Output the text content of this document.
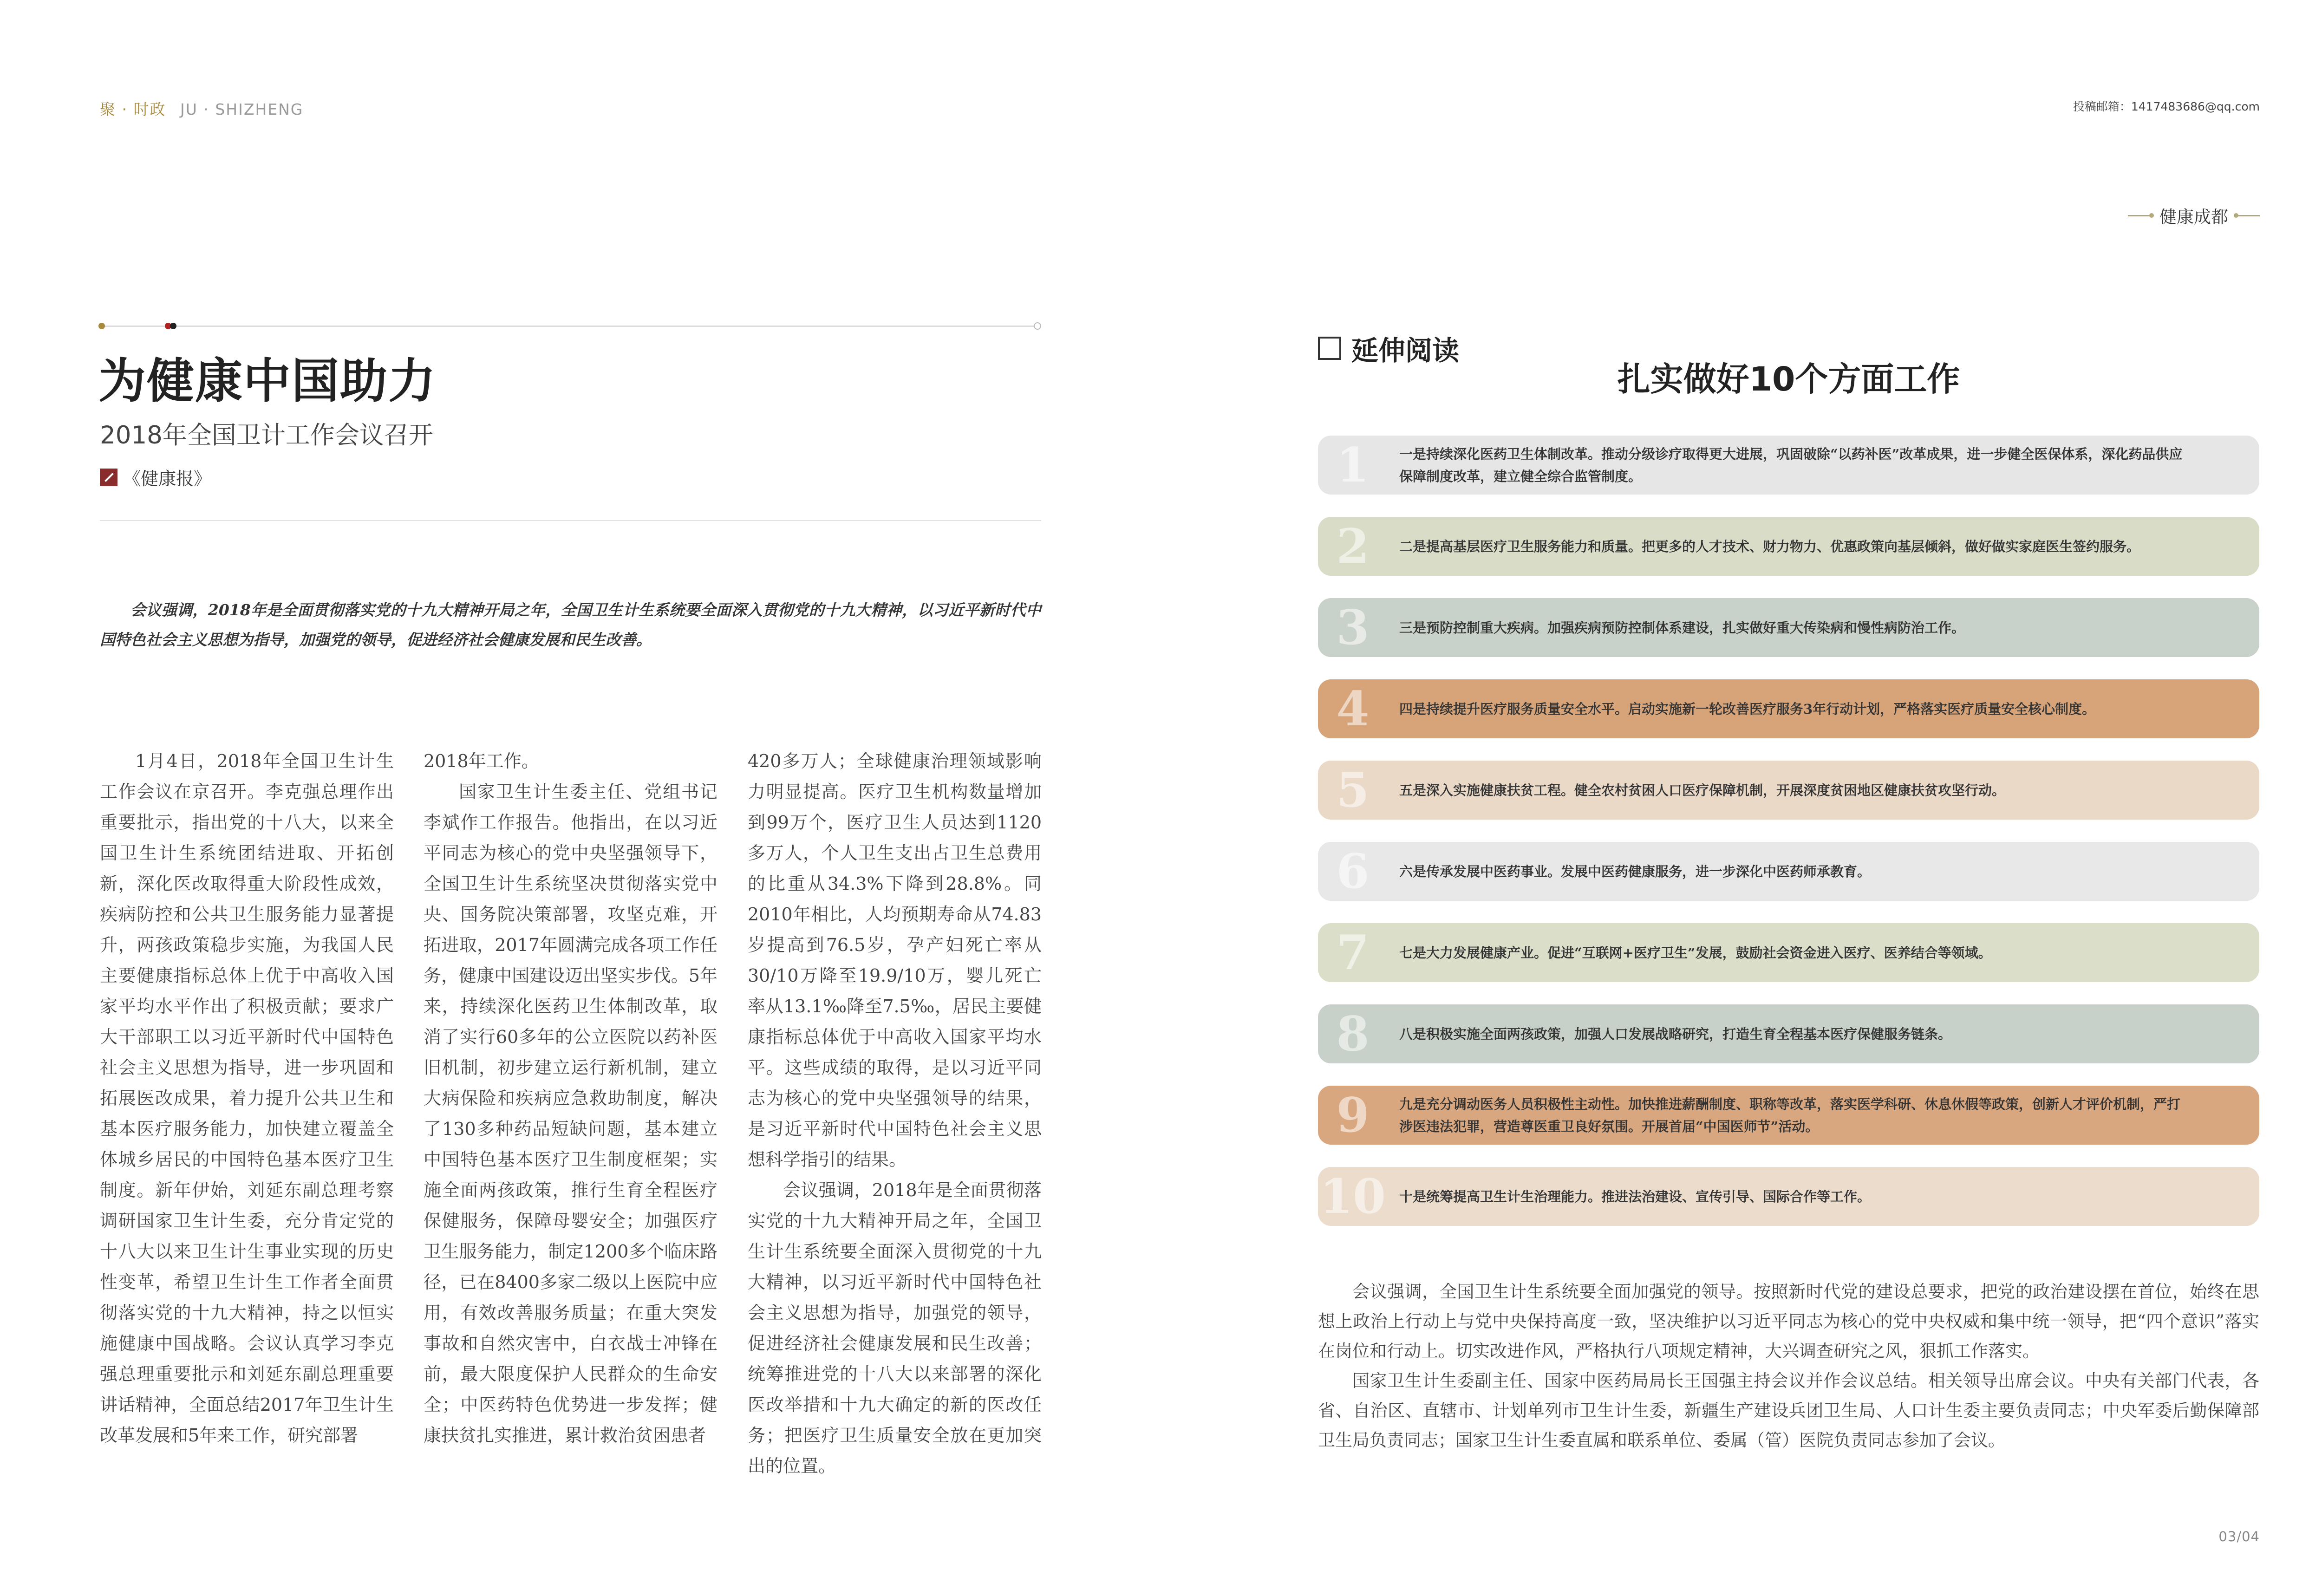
聚 · 时政 JU · SHIZHENG	投稿邮箱：1417483686@qq.com
健康成都
为健康中国助力
2018年全国卫计工作会议召开
《健康报》

会议强调，2018年是全面贯彻落实党的十九大精神开局之年，全国卫生计生系统要全面深入贯彻党的十九大精神，以习近平新时代中国特色社会主义思想为指导，加强党的领导，促进经济社会健康发展和民生改善。

1月4日，2018年全国卫生计生工作会议在京召开。李克强总理作出重要批示，指出党的十八大，以来全国卫生计生系统团结进取、开拓创新，深化医改取得重大阶段性成效，疾病防控和公共卫生服务能力显著提升，两孩政策稳步实施，为我国人民主要健康指标总体上优于中高收入国家平均水平作出了积极贡献；要求广大干部职工以习近平新时代中国特色社会主义思想为指导，进一步巩固和拓展医改成果，着力提升公共卫生和基本医疗服务能力，加快建立覆盖全体城乡居民的中国特色基本医疗卫生制度。新年伊始，刘延东副总理考察调研国家卫生计生委，充分肯定党的十八大以来卫生计生事业实现的历史性变革，希望卫生计生工作者全面贯彻落实党的十九大精神，持之以恒实施健康中国战略。会议认真学习李克强总理重要批示和刘延东副总理重要讲话精神，全面总结2017年卫生计生改革发展和5年来工作，研究部署

2018年工作。

国家卫生计生委主任、党组书记李斌作工作报告。他指出，在以习近平同志为核心的党中央坚强领导下，全国卫生计生系统坚决贯彻落实党中央、国务院决策部署，攻坚克难，开拓进取，2017年圆满完成各项工作任务，健康中国建设迈出坚实步伐。5年来，持续深化医药卫生体制改革，取消了实行60多年的公立医院以药补医旧机制，初步建立运行新机制，建立大病保险和疾病应急救助制度，解决了130多种药品短缺问题，基本建立中国特色基本医疗卫生制度框架；实施全面两孩政策，推行生育全程医疗保健服务，保障母婴安全；加强医疗卫生服务能力，制定1200多个临床路径，已在8400多家二级以上医院中应用，有效改善服务质量；在重大突发事故和自然灾害中，白衣战士冲锋在前，最大限度保护人民群众的生命安全；中医药特色优势进一步发挥；健康扶贫扎实推进，累计救治贫困患者

420多万人；全球健康治理领域影响力明显提高。医疗卫生机构数量增加到99万个，医疗卫生人员达到1120多万人，个人卫生支出占卫生总费用的比重从34.3%下降到28.8%。同2010年相比，人均预期寿命从74.83岁提高到76.5岁，孕产妇死亡率从30/10万降至19.9/10万，婴儿死亡率从13.1‰降至7.5‰，居民主要健康指标总体优于中高收入国家平均水平。这些成绩的取得，是以习近平同志为核心的党中央坚强领导的结果，是习近平新时代中国特色社会主义思想科学指引的结果。

会议强调，2018年是全面贯彻落实党的十九大精神开局之年，全国卫生计生系统要全面深入贯彻党的十九大精神，以习近平新时代中国特色社会主义思想为指导，加强党的领导，促进经济社会健康发展和民生改善；统筹推进党的十八大以来部署的深化医改举措和十九大确定的新的医改任务；把医疗卫生质量安全放在更加突出的位置。

延伸阅读
扎实做好10个方面工作
1	一是持续深化医药卫生体制改革。推动分级诊疗取得更大进展，巩固破除“以药补医”改革成果，进一步健全医保体系，深化药品供应保障制度改革，建立健全综合监管制度。
2	二是提高基层医疗卫生服务能力和质量。把更多的人才技术、财力物力、优惠政策向基层倾斜，做好做实家庭医生签约服务。
3	三是预防控制重大疾病。加强疾病预防控制体系建设，扎实做好重大传染病和慢性病防治工作。
4	四是持续提升医疗服务质量安全水平。启动实施新一轮改善医疗服务3年行动计划，严格落实医疗质量安全核心制度。
5	五是深入实施健康扶贫工程。健全农村贫困人口医疗保障机制，开展深度贫困地区健康扶贫攻坚行动。
6	六是传承发展中医药事业。发展中医药健康服务，进一步深化中医药师承教育。
7	七是大力发展健康产业。促进“互联网+医疗卫生”发展，鼓励社会资金进入医疗、医养结合等领域。
8	八是积极实施全面两孩政策，加强人口发展战略研究，打造生育全程基本医疗保健服务链条。
9	九是充分调动医务人员积极性主动性。加快推进薪酬制度、职称等改革，落实医学科研、休息休假等政策，创新人才评价机制，严打涉医违法犯罪，营造尊医重卫良好氛围。开展首届“中国医师节”活动。
10 十是统筹提高卫生计生治理能力。推进法治建设、宣传引导、国际合作等工作。

会议强调，全国卫生计生系统要全面加强党的领导。按照新时代党的建设总要求，把党的政治建设摆在首位，始终在思想上政治上行动上与党中央保持高度一致，坚决维护以习近平同志为核心的党中央权威和集中统一领导，把“四个意识”落实在岗位和行动上。切实改进作风，严格执行八项规定精神，大兴调查研究之风，狠抓工作落实。

国家卫生计生委副主任、国家中医药局局长王国强主持会议并作会议总结。相关领导出席会议。中央有关部门代表，各省、自治区、直辖市、计划单列市卫生计生委，新疆生产建设兵团卫生局、人口计生委主要负责同志；中央军委后勤保障部卫生局负责同志；国家卫生计生委直属和联系单位、委属（管）医院负责同志参加了会议。

03/04
